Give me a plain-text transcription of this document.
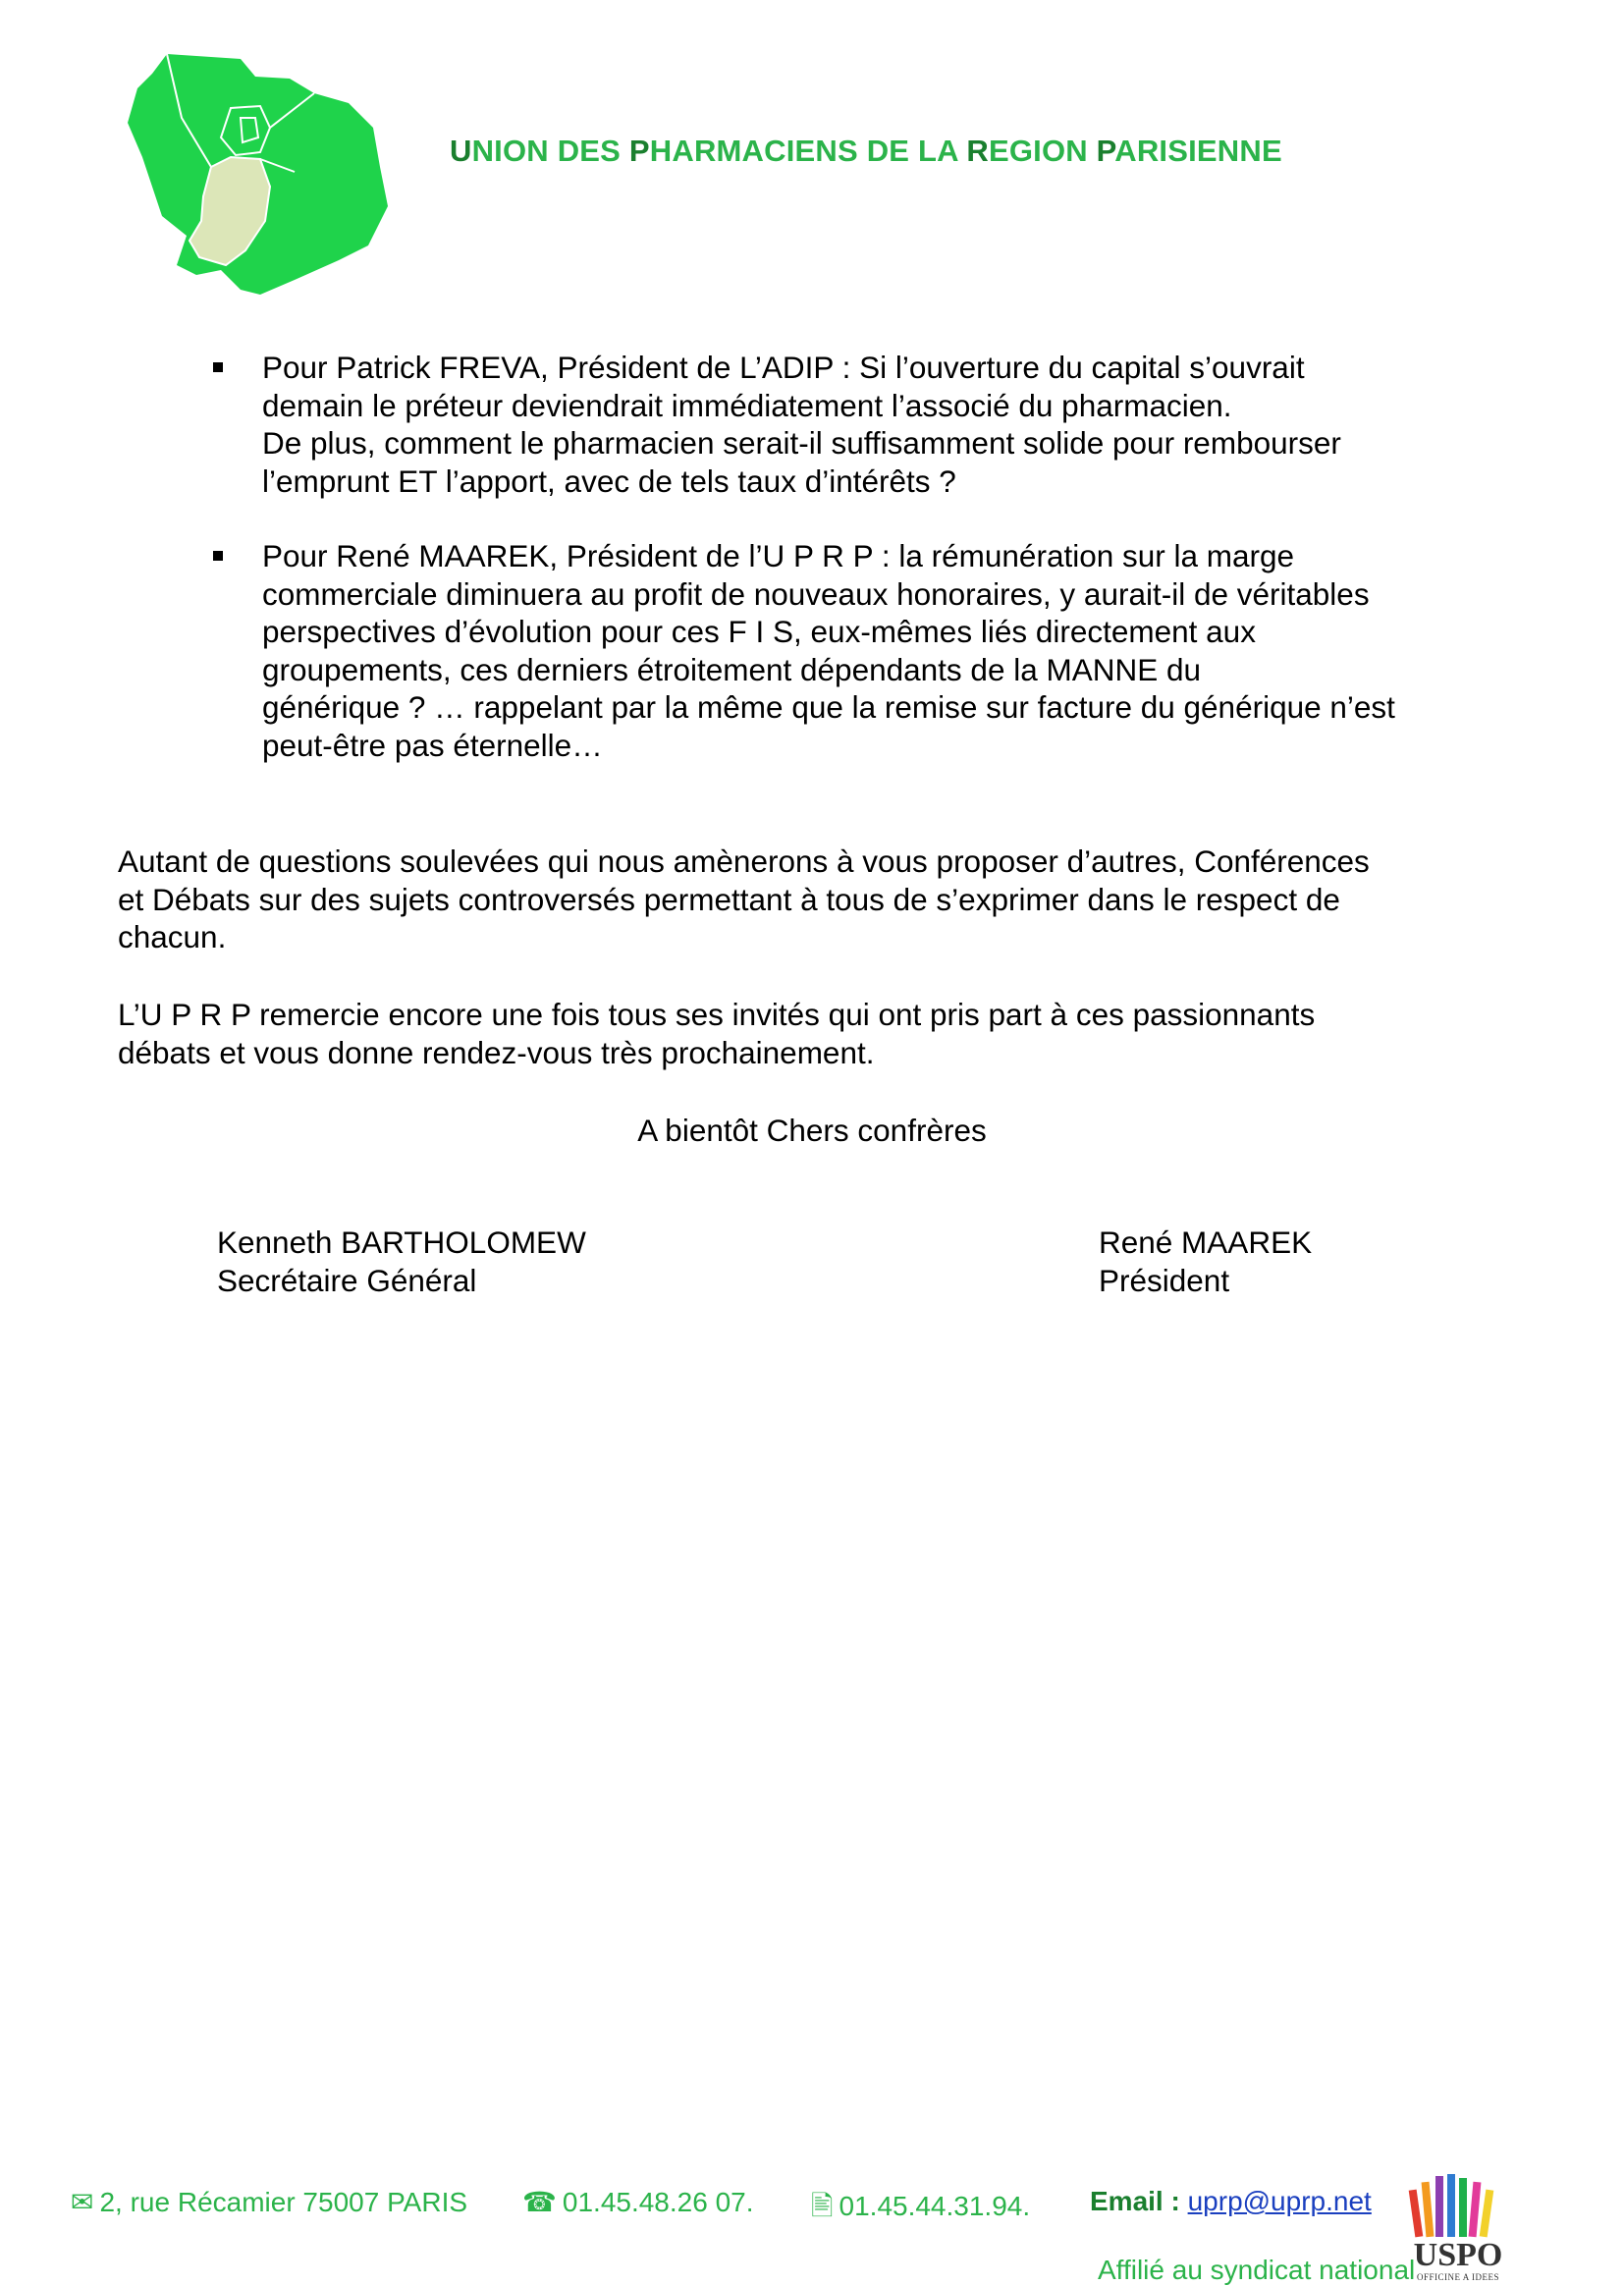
UNION DES PHARMACIENS DE LA REGION PARISIENNE
Pour Patrick FREVA, Président de L’ADIP : Si l’ouverture du capital s’ouvrait
demain le préteur deviendrait immédiatement l’associé du pharmacien.
De plus, comment le pharmacien serait-il suffisamment solide pour rembourser
l’emprunt ET l’apport, avec de tels taux d’intérêts ?
Pour René MAAREK, Président de l’U P R P : la rémunération sur la marge
commerciale diminuera au profit de nouveaux honoraires, y aurait-il de véritables
perspectives d’évolution pour ces F I S, eux-mêmes liés directement aux
groupements, ces derniers étroitement dépendants de la MANNE du
générique ? … rappelant par la même que la remise sur facture du générique n’est
peut-être pas éternelle…
Autant de questions soulevées qui nous amènerons à vous proposer d’autres, Conférences
et Débats sur des sujets controversés permettant à tous de s’exprimer dans le respect de
chacun.
L’U P R P remercie encore une fois tous ses invités qui ont pris part à ces passionnants
débats et vous donne rendez-vous très prochainement.
A bientôt Chers confrères
Kenneth BARTHOLOMEW
Secrétaire Général
René MAAREK
Président
✉ 2, rue Récamier 75007 PARIS ☎ 01.45.48.26 07. 🖹 01.45.44.31.94. Email : uprp@uprp.net
Affilié au syndicat national
USPO
OFFICINE A IDEES
